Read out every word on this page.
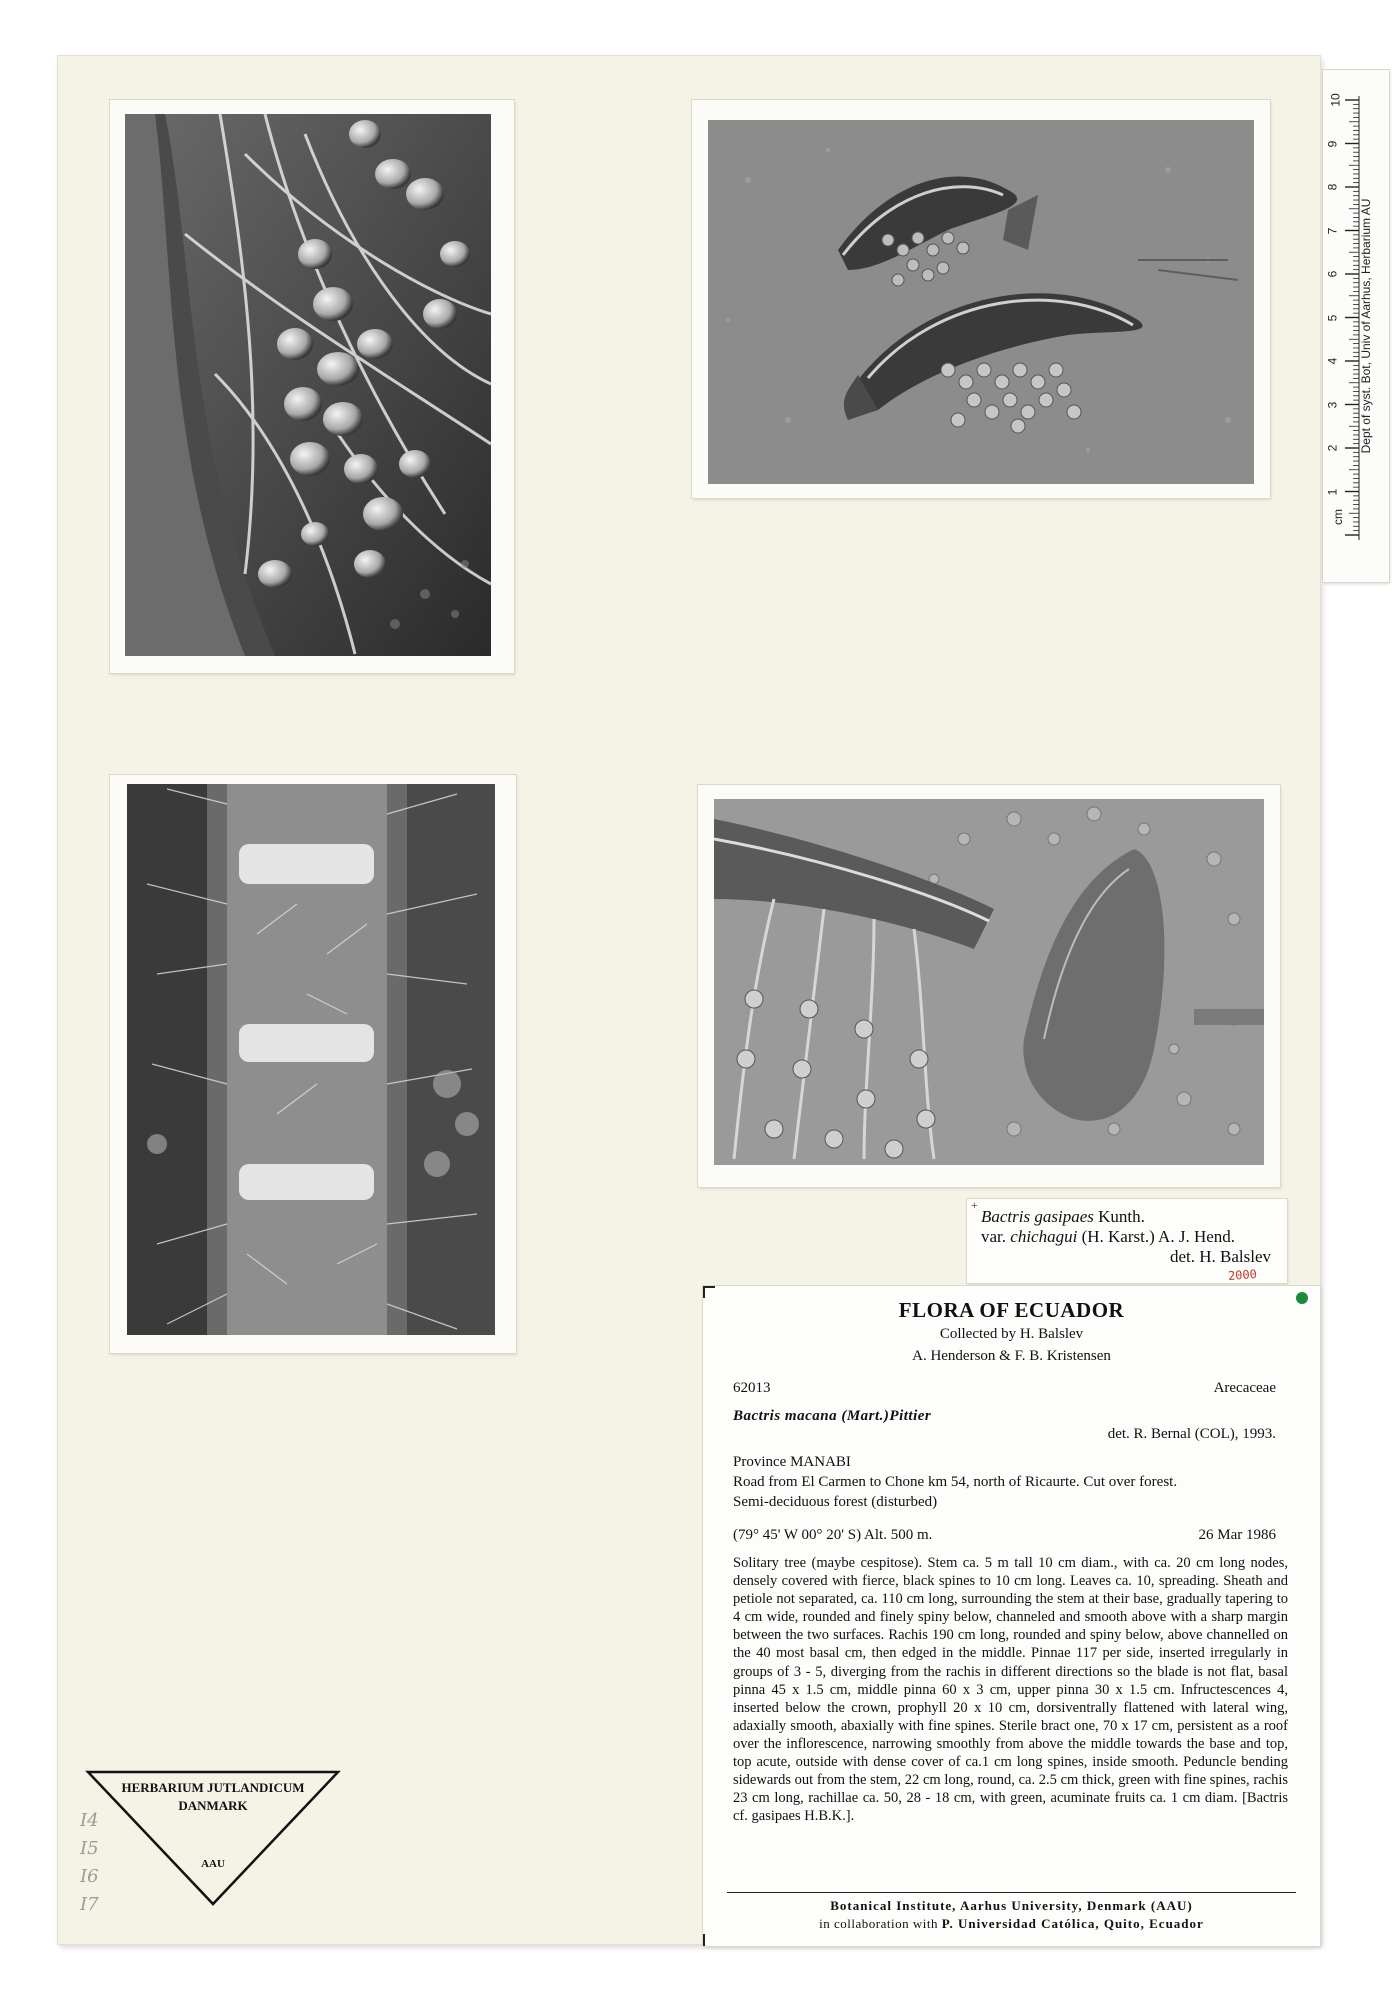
Dept of syst. Bot, Univ of Aarhus, Herbarium AU
10
9
8
7
6
5
4
3
2
1
cm
+
Bactris gasipaes Kunth.
var. chichagui (H. Karst.) A. J. Hend.
det. H. Balslev
2000
FLORA OF ECUADOR
Collected by H. Balslev
A. Henderson & F. B. Kristensen
62013	Arecaceae
Bactris macana (Mart.)Pittier
det. R. Bernal (COL), 1993.
Province MANABI
Road from El Carmen to Chone km 54, north of Ricaurte. Cut over forest.
Semi-deciduous forest (disturbed)
(79° 45' W 00° 20' S) Alt. 500 m.	26 Mar 1986
Solitary tree (maybe cespitose). Stem ca. 5 m tall 10 cm diam., with ca. 20 cm long nodes, densely covered with fierce, black spines to 10 cm long. Leaves ca. 10, spreading. Sheath and petiole not separated, ca. 110 cm long, surrounding the stem at their base, gradually tapering to 4 cm wide, rounded and finely spiny below, channeled and smooth above with a sharp margin between the two surfaces. Rachis 190 cm long, rounded and spiny below, above channelled on the 40 most basal cm, then edged in the middle. Pinnae 117 per side, inserted irregularly in groups of 3 - 5, diverging from the rachis in different directions so the blade is not flat, basal pinna 45 x 1.5 cm, middle pinna 60 x 3 cm, upper pinna 30 x 1.5 cm. Infructescences 4, inserted below the crown, prophyll 20 x 10 cm, dorsiventrally flattened with lateral wing, adaxially smooth, abaxially with fine spines. Sterile bract one, 70 x 17 cm, persistent as a roof over the inflorescence, narrowing smoothly from above the middle towards the base and top, top acute, outside with dense cover of ca.1 cm long spines, inside smooth. Peduncle bending sidewards out from the stem, 22 cm long, round, ca. 2.5 cm thick, green with fine spines, rachis 23 cm long, rachillae ca. 50, 28 - 18 cm, with green, acuminate fruits ca. 1 cm diam. [Bactris cf. gasipaes H.B.K.].
Botanical Institute, Aarhus University, Denmark (AAU)
in collaboration with P. Universidad Católica, Quito, Ecuador
HERBARIUM JUTLANDICUM
DANMARK
AAU
I4
I5
I6
I7
